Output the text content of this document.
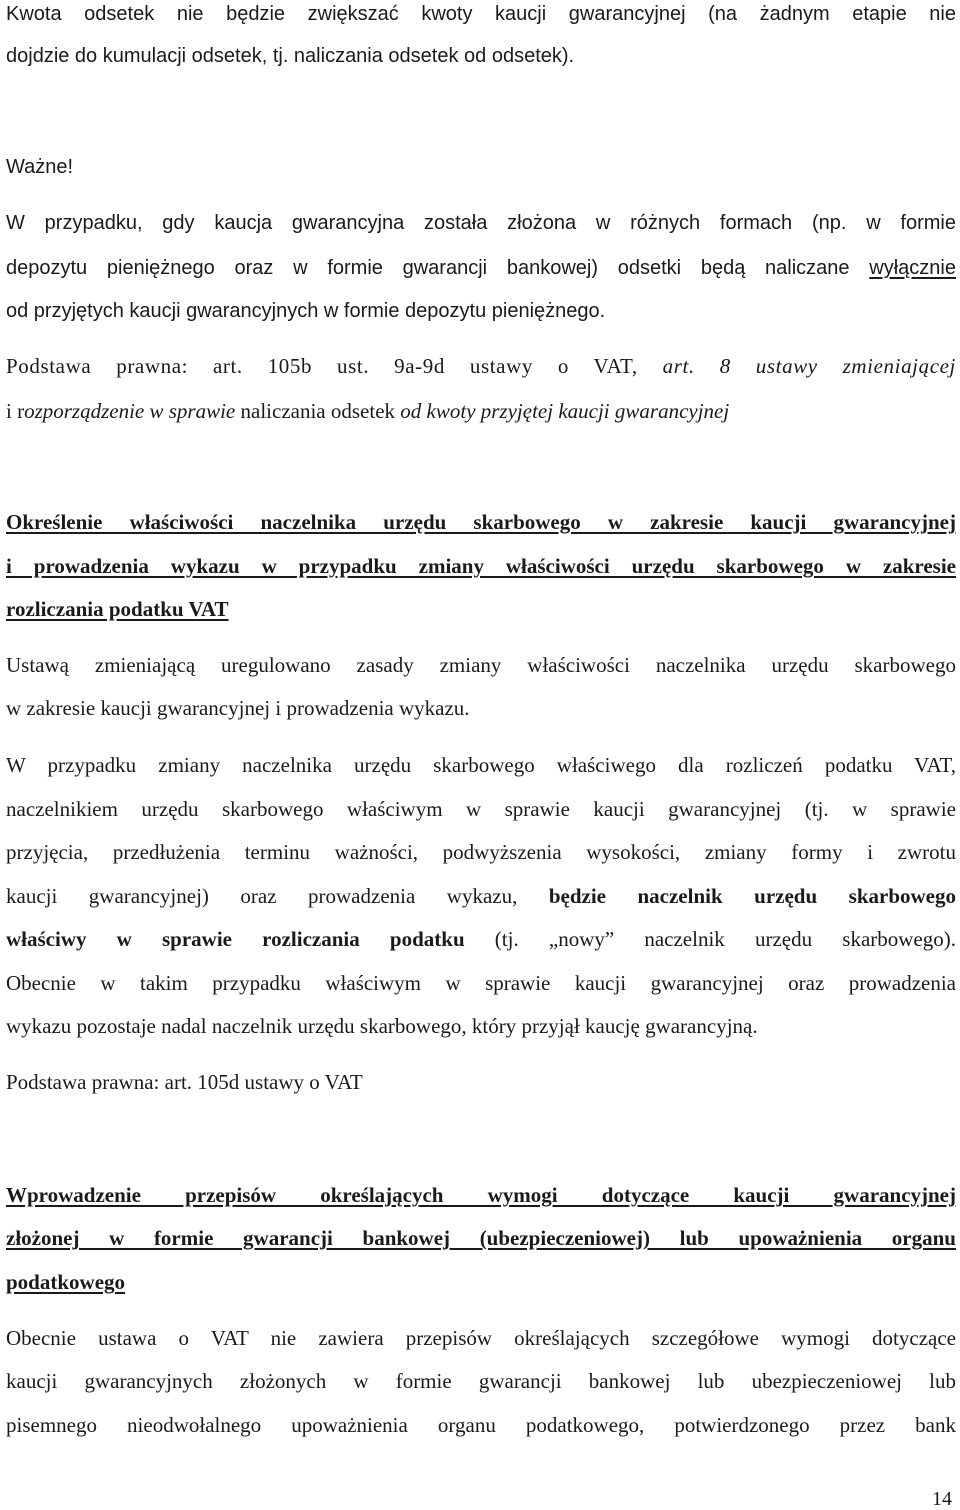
Kwota odsetek nie będzie zwiększać kwoty kaucji gwarancyjnej (na żadnym etapie nie
dojdzie do kumulacji odsetek, tj. naliczania odsetek od odsetek).
Ważne!
W przypadku, gdy kaucja gwarancyjna została złożona w różnych formach (np. w formie
depozytu pieniężnego oraz w formie gwarancji bankowej) odsetki będą naliczane wyłącznie
od przyjętych kaucji gwarancyjnych w formie depozytu pieniężnego.
Podstawa prawna: art. 105b ust. 9a-9d ustawy o VAT, art. 8 ustawy zmieniającej
i rozporządzenie w sprawie naliczania odsetek od kwoty przyjętej kaucji gwarancyjnej
Określenie właściwości naczelnika urzędu skarbowego w zakresie kaucji gwarancyjnej
i prowadzenia wykazu w przypadku zmiany właściwości urzędu skarbowego w zakresie
rozliczania podatku VAT
Ustawą zmieniającą uregulowano zasady zmiany właściwości naczelnika urzędu skarbowego
w zakresie kaucji gwarancyjnej i prowadzenia wykazu.
W przypadku zmiany naczelnika urzędu skarbowego właściwego dla rozliczeń podatku VAT,
naczelnikiem urzędu skarbowego właściwym w sprawie kaucji gwarancyjnej (tj. w sprawie
przyjęcia, przedłużenia terminu ważności, podwyższenia wysokości, zmiany formy i zwrotu
kaucji gwarancyjnej) oraz prowadzenia wykazu, będzie naczelnik urzędu skarbowego
właściwy w sprawie rozliczania podatku (tj. „nowy” naczelnik urzędu skarbowego).
Obecnie w takim przypadku właściwym w sprawie kaucji gwarancyjnej oraz prowadzenia
wykazu pozostaje nadal naczelnik urzędu skarbowego, który przyjął kaucję gwarancyjną.
Podstawa prawna: art. 105d ustawy o VAT
Wprowadzenie przepisów określających wymogi dotyczące kaucji gwarancyjnej
złożonej w formie gwarancji bankowej (ubezpieczeniowej) lub upoważnienia organu
podatkowego
Obecnie ustawa o VAT nie zawiera przepisów określających szczegółowe wymogi dotyczące
kaucji gwarancyjnych złożonych w formie gwarancji bankowej lub ubezpieczeniowej lub
pisemnego nieodwołalnego upoważnienia organu podatkowego, potwierdzonego przez bank
14
